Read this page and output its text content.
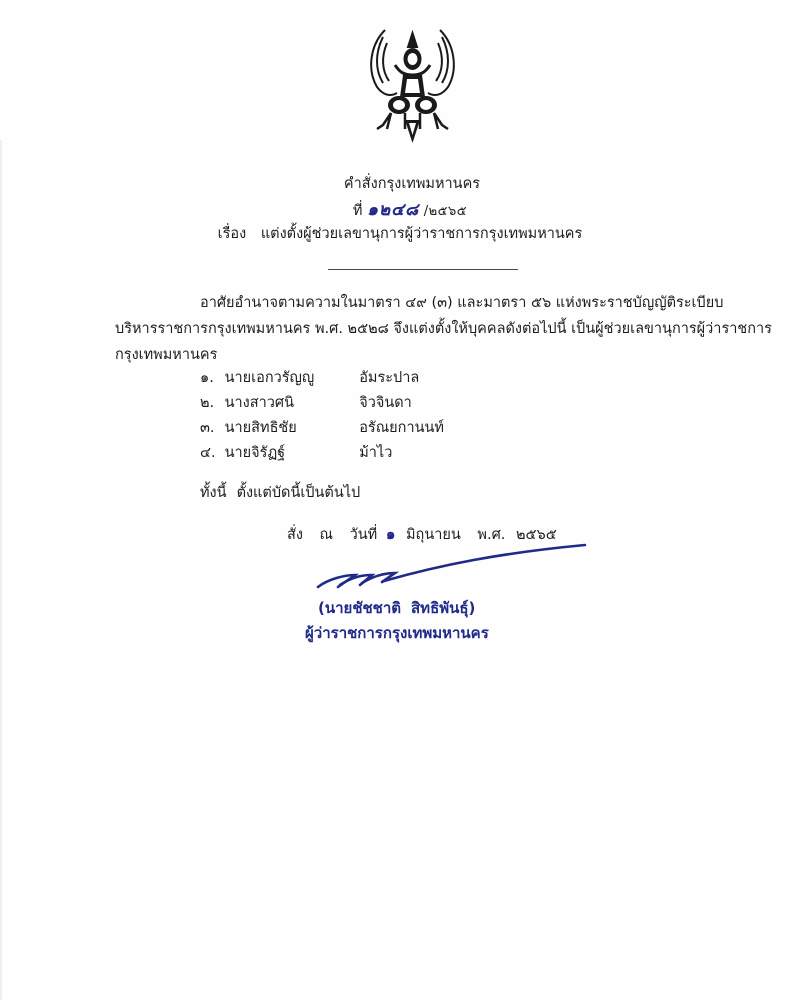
คำสั่งกรุงเทพมหานคร
ที่ ๑๒๔๘ /๒๕๖๕
เรื่อง แต่งตั้งผู้ช่วยเลขานุการผู้ว่าราชการกรุงเทพมหานคร
อาศัยอำนาจตามความในมาตรา ๔๙ (๓) และมาตรา ๕๖ แห่งพระราชบัญญัติระเบียบ
บริหารราชการกรุงเทพมหานคร พ.ศ. ๒๕๒๘ จึงแต่งตั้งให้บุคคลดังต่อไปนี้ เป็นผู้ช่วยเลขานุการผู้ว่าราชการ
กรุงเทพมหานคร
๑. นายเอกวรัญญู	อัมระปาล
๒. นางสาวศนิ	จิวจินดา
๓. นายสิทธิชัย	อรัณยกานนท์
๔. นายจิรัฏฐ์	ม้าไว
ทั้งนี้ ตั้งแต่บัดนี้เป็นต้นไป
สั่ง ณ วันที่ ๑ มิถุนายน พ.ศ. ๒๕๖๕
(นายชัชชาติ สิทธิพันธุ์)
ผู้ว่าราชการกรุงเทพมหานคร
